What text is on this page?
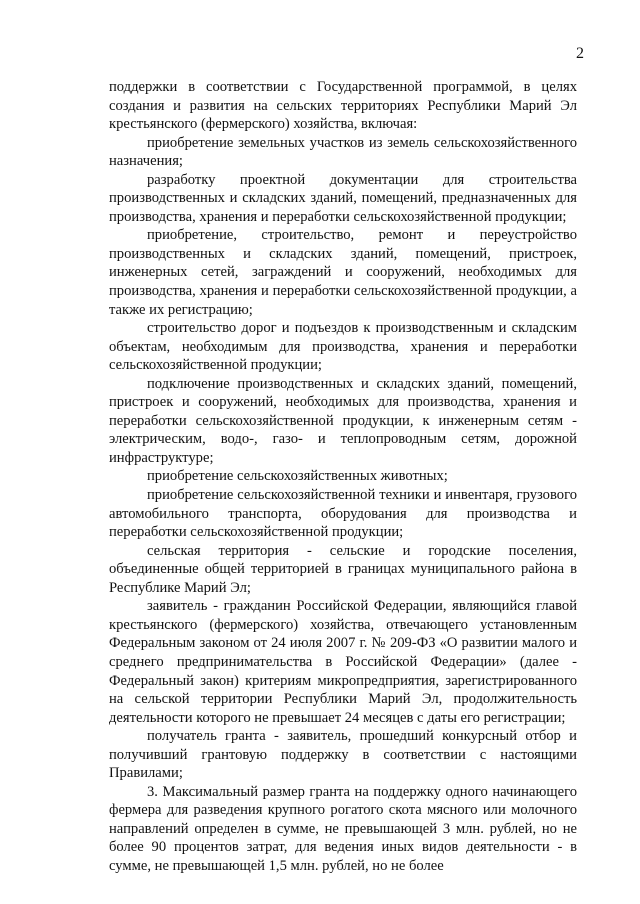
2

поддержки в соответствии с Государственной программой, в целях создания и развития на сельских территориях Республики Марий Эл крестьянского (фермерского) хозяйства, включая:

приобретение земельных участков из земель сельскохозяйственного назначения;

разработку проектной документации для строительства производственных и складских зданий, помещений, предназначенных для производства, хранения и переработки сельскохозяйственной продукции;

приобретение, строительство, ремонт и переустройство производственных и складских зданий, помещений, пристроек, инженерных сетей, заграждений и сооружений, необходимых для производства, хранения и переработки сельскохозяйственной продукции, а также их регистрацию;

строительство дорог и подъездов к производственным и складским объектам, необходимым для производства, хранения и переработки сельскохозяйственной продукции;

подключение производственных и складских зданий, помещений, пристроек и сооружений, необходимых для производства, хранения и переработки сельскохозяйственной продукции, к инженерным сетям - электрическим, водо-, газо- и теплопроводным сетям, дорожной инфраструктуре;

приобретение сельскохозяйственных животных;

приобретение сельскохозяйственной техники и инвентаря, грузового автомобильного транспорта, оборудования для производства и переработки сельскохозяйственной продукции;

сельская территория - сельские и городские поселения, объединенные общей территорией в границах муниципального района в Республике Марий Эл;

заявитель - гражданин Российской Федерации, являющийся главой крестьянского (фермерского) хозяйства, отвечающего установленным Федеральным законом от 24 июля 2007 г. № 209-ФЗ «О развитии малого и среднего предпринимательства в Российской Федерации» (далее - Федеральный закон) критериям микропредприятия, зарегистрированного на сельской территории Республики Марий Эл, продолжительность деятельности которого не превышает 24 месяцев с даты его регистрации;

получатель гранта - заявитель, прошедший конкурсный отбор и получивший грантовую поддержку в соответствии с настоящими Правилами;

3. Максимальный размер гранта на поддержку одного начинающего фермера для разведения крупного рогатого скота мясного или молочного направлений определен в сумме, не превышающей 3 млн. рублей, но не более 90 процентов затрат, для ведения иных видов деятельности - в сумме, не превышающей 1,5 млн. рублей, но не более
